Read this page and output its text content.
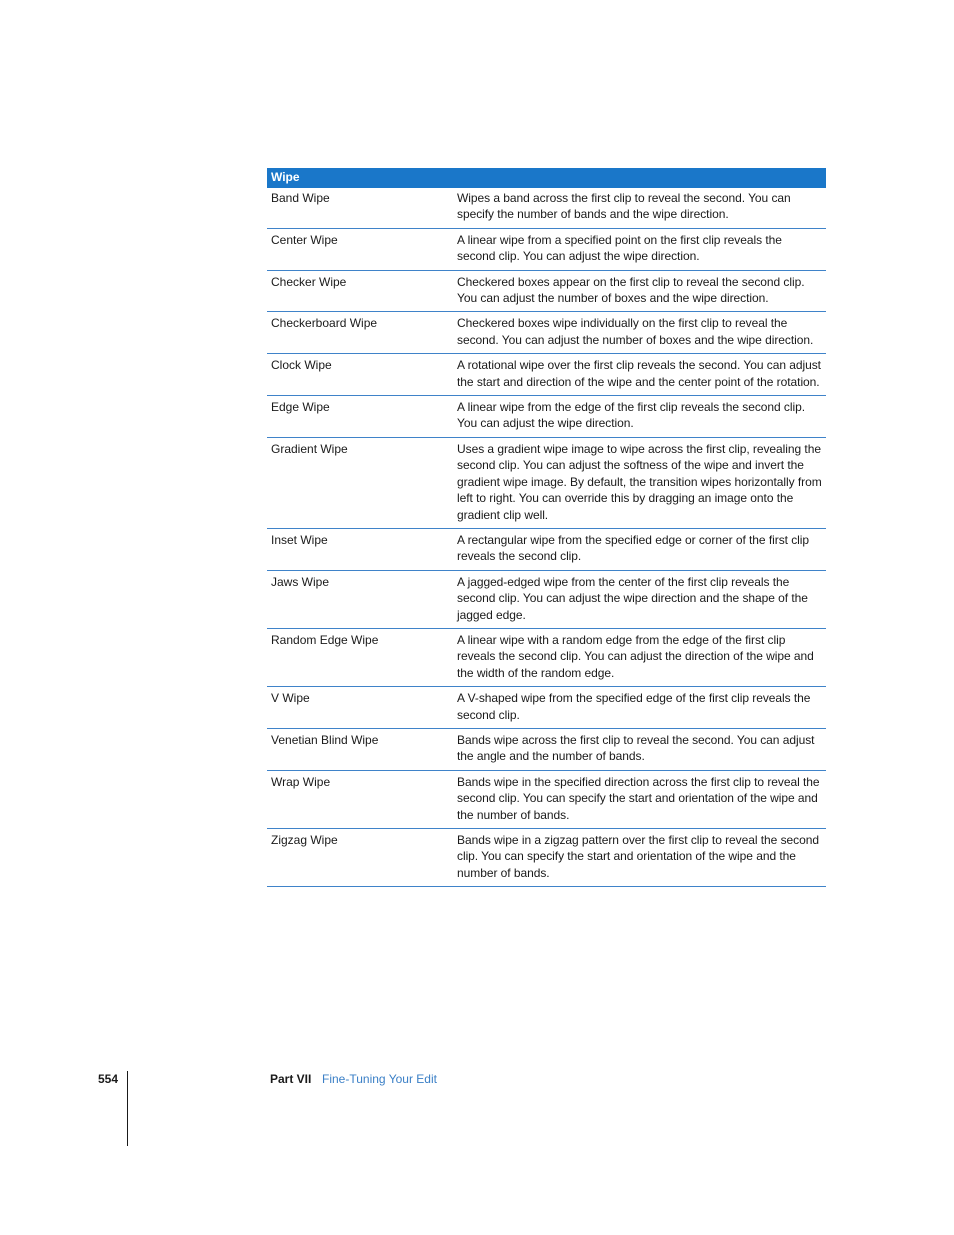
Wipe
Band Wipe	Wipes a band across the first clip to reveal the second. You can specify the number of bands and the wipe direction.
Center Wipe	A linear wipe from a specified point on the first clip reveals the second clip. You can adjust the wipe direction.
Checker Wipe	Checkered boxes appear on the first clip to reveal the second clip. You can adjust the number of boxes and the wipe direction.
Checkerboard Wipe	Checkered boxes wipe individually on the first clip to reveal the second. You can adjust the number of boxes and the wipe direction.
Clock Wipe	A rotational wipe over the first clip reveals the second. You can adjust the start and direction of the wipe and the center point of the rotation.
Edge Wipe	A linear wipe from the edge of the first clip reveals the second clip. You can adjust the wipe direction.
Gradient Wipe	Uses a gradient wipe image to wipe across the first clip, revealing the second clip. You can adjust the softness of the wipe and invert the gradient wipe image. By default, the transition wipes horizontally from left to right. You can override this by dragging an image onto the gradient clip well.
Inset Wipe	A rectangular wipe from the specified edge or corner of the first clip reveals the second clip.
Jaws Wipe	A jagged-edged wipe from the center of the first clip reveals the second clip. You can adjust the wipe direction and the shape of the jagged edge.
Random Edge Wipe	A linear wipe with a random edge from the edge of the first clip reveals the second clip. You can adjust the direction of the wipe and the width of the random edge.
V Wipe	A V-shaped wipe from the specified edge of the first clip reveals the second clip.
Venetian Blind Wipe	Bands wipe across the first clip to reveal the second. You can adjust the angle and the number of bands.
Wrap Wipe	Bands wipe in the specified direction across the first clip to reveal the second clip. You can specify the start and orientation of the wipe and the number of bands.
Zigzag Wipe	Bands wipe in a zigzag pattern over the first clip to reveal the second clip. You can specify the start and orientation of the wipe and the number of bands.
554	Part VII Fine-Tuning Your Edit
